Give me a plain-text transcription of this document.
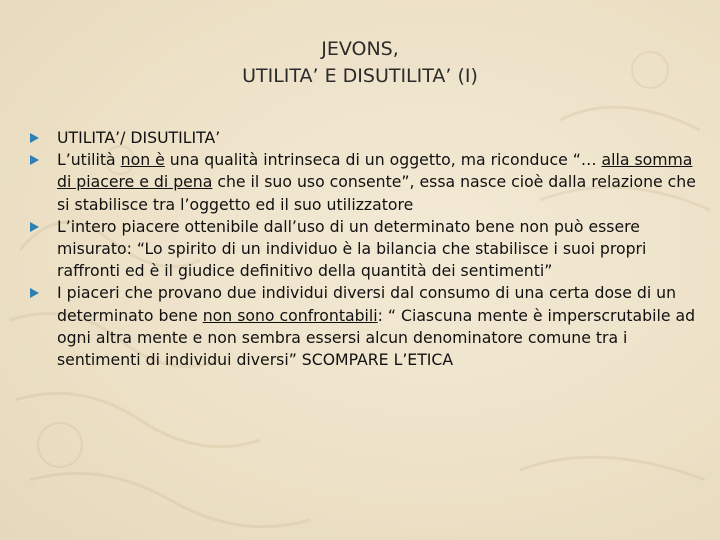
JEVONS,
UTILITA’ E DISUTILITA’ (I)
UTILITA’/ DISUTILITA’
L’utilità non è una qualità intrinseca di un oggetto, ma riconduce “… alla somma di piacere e di pena che il suo uso consente”, essa nasce cioè dalla relazione che si stabilisce tra l’oggetto ed il suo utilizzatore
L’intero piacere ottenibile dall’uso di un determinato bene non può essere misurato: “Lo spirito di un individuo è la bilancia che stabilisce i suoi propri raffronti ed è il giudice definitivo della quantità dei sentimenti”
I piaceri che provano due individui diversi dal consumo di una certa dose di un determinato bene non sono confrontabili: “ Ciascuna mente è imperscrutabile ad ogni altra mente e non sembra essersi alcun denominatore comune tra i sentimenti di individui diversi” SCOMPARE L’ETICA
